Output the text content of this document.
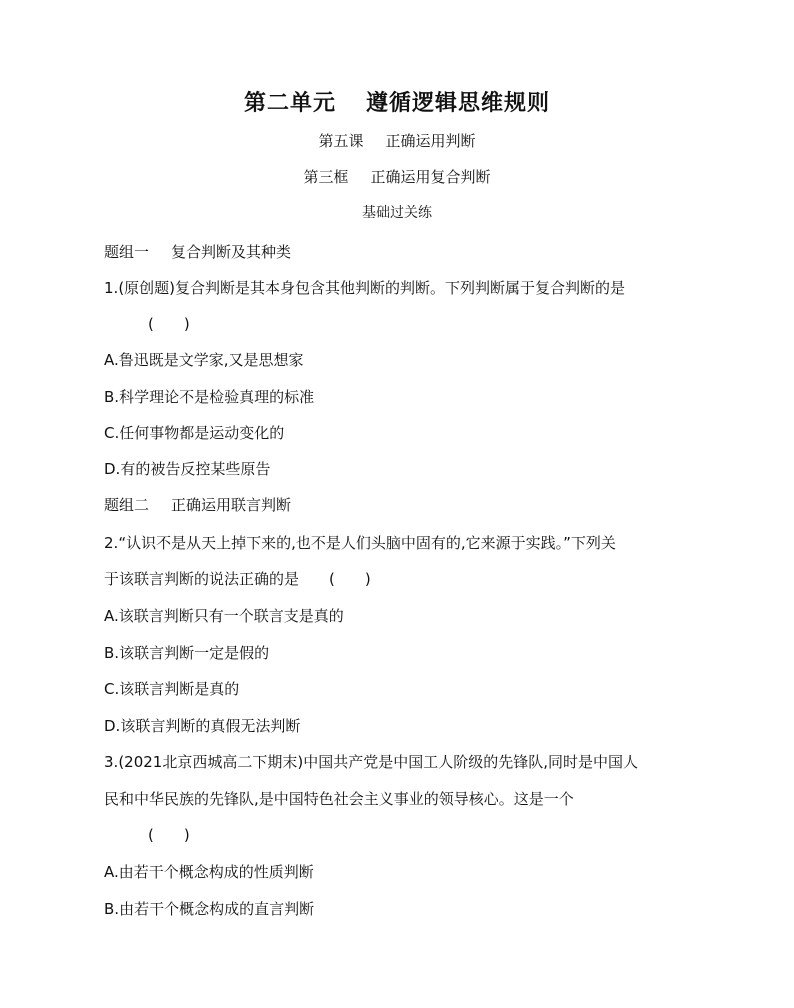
第二单元 遵循逻辑思维规则
第五课 正确运用判断
第三框 正确运用复合判断
基础过关练
题组一 复合判断及其种类
1.(原创题)复合判断是其本身包含其他判断的判断。下列判断属于复合判断的是
(　　)
A.鲁迅既是文学家,又是思想家
B.科学理论不是检验真理的标准
C.任何事物都是运动变化的
D.有的被告反控某些原告
题组二 正确运用联言判断
2.“认识不是从天上掉下来的,也不是人们头脑中固有的,它来源于实践。”下列关
于该联言判断的说法正确的是 (　　)
A.该联言判断只有一个联言支是真的
B.该联言判断一定是假的
C.该联言判断是真的
D.该联言判断的真假无法判断
3.(2021北京西城高二下期末)中国共产党是中国工人阶级的先锋队,同时是中国人
民和中华民族的先锋队,是中国特色社会主义事业的领导核心。这是一个
(　　)
A.由若干个概念构成的性质判断
B.由若干个概念构成的直言判断
